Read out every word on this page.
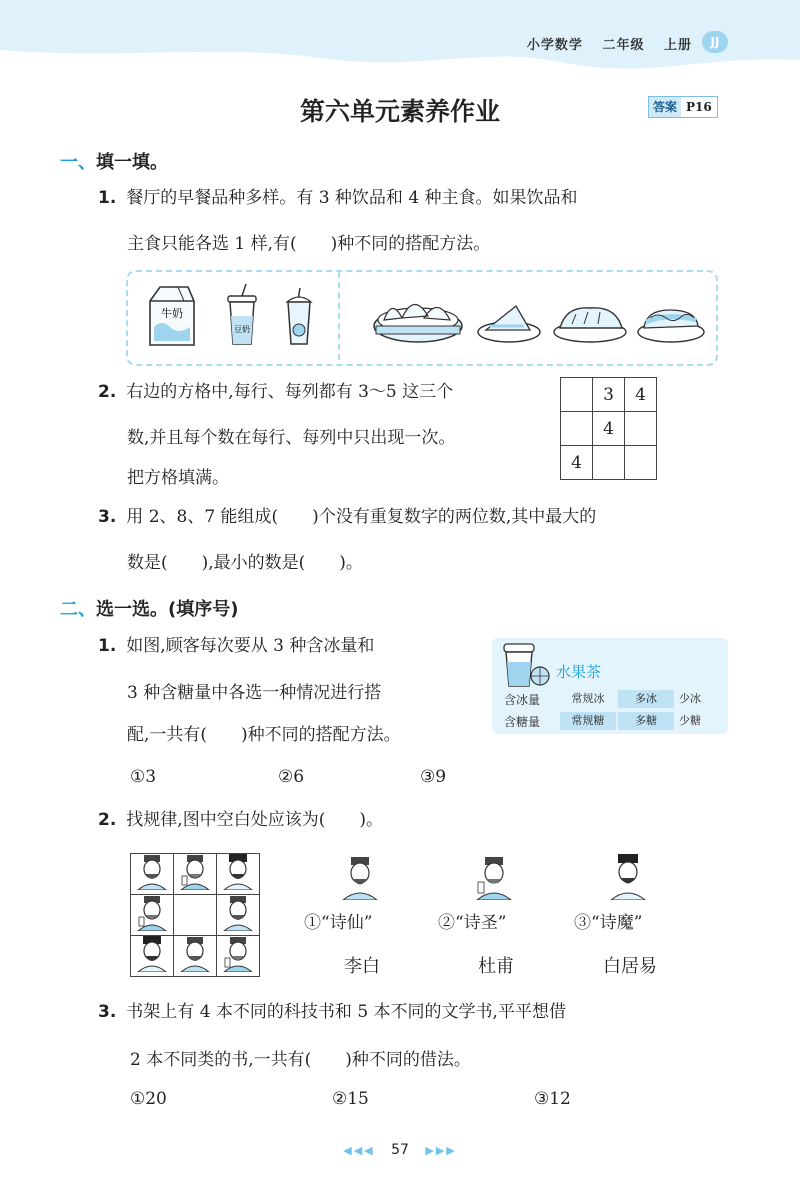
小学数学 二年级 上册	JJ
第六单元素养作业	答案 P16
一、填一填。
1. 餐厅的早餐品种多样。有 3 种饮品和 4 种主食。如果饮品和
主食只能各选 1 样,有(　　)种不同的搭配方法。
牛奶
豆奶
2. 右边的方格中,每行、每列都有 3～5 这三个
数,并且每个数在每行、每列中只出现一次。
把方格填满。
	3	4
	4	
4		
3. 用 2、8、7 能组成(　　)个没有重复数字的两位数,其中最大的
数是(　　),最小的数是(　　)。
二、选一选。(填序号)
1. 如图,顾客每次要从 3 种含冰量和
3 种含糖量中各选一种情况进行搭
配,一共有(　　)种不同的搭配方法。
水果茶
含冰量	常规冰	多冰	少冰
含糖量	常规糖	多糖	少糖
①3	②6	③9
2. 找规律,图中空白处应该为(　　)。

①“诗仙”	②“诗圣”	③“诗魔”
李白	杜甫	白居易
3. 书架上有 4 本不同的科技书和 5 本不同的文学书,平平想借
2 本不同类的书,一共有(　　)种不同的借法。
①20	②15	③12
◀◀◀ 57 ▶▶▶
